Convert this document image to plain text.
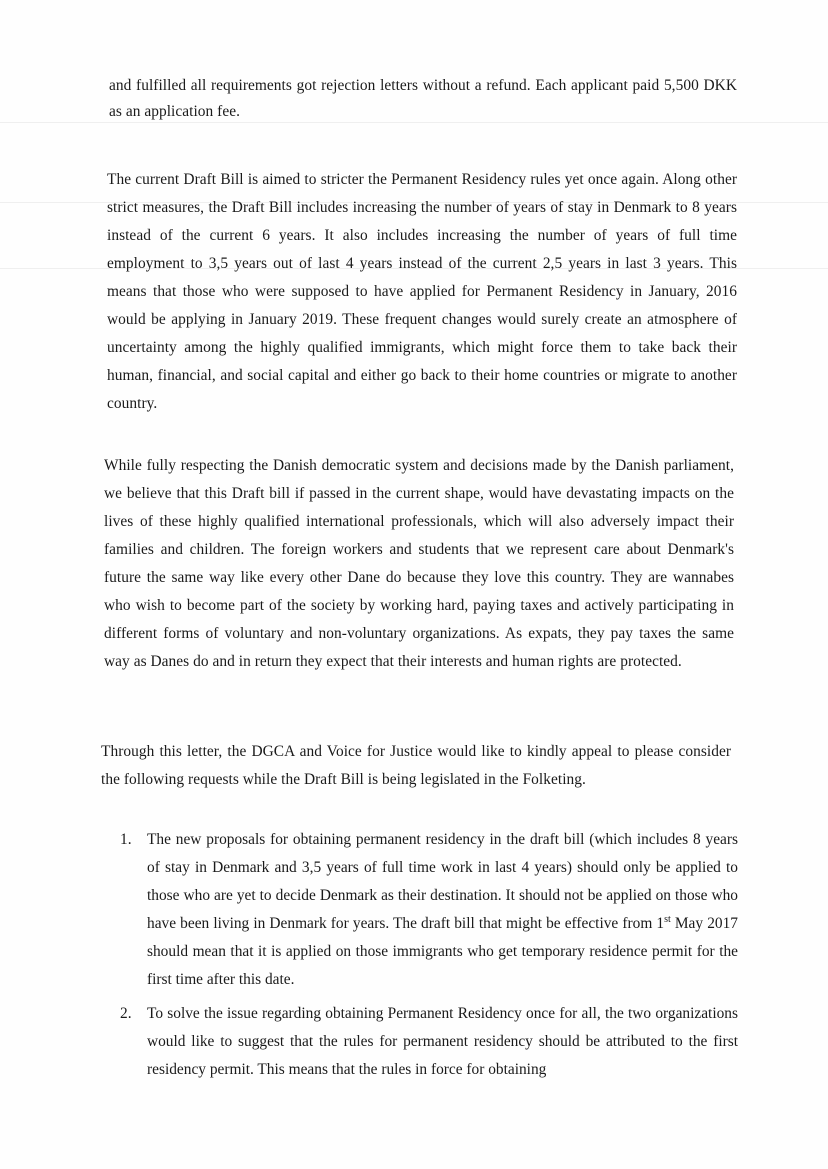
and fulfilled all requirements got rejection letters without a refund. Each applicant paid 5,500 DKK as an application fee.

The current Draft Bill is aimed to stricter the Permanent Residency rules yet once again. Along other strict measures, the Draft Bill includes increasing the number of years of stay in Denmark to 8 years instead of the current 6 years. It also includes increasing the number of years of full time employment to 3,5 years out of last 4 years instead of the current 2,5 years in last 3 years. This means that those who were supposed to have applied for Permanent Residency in January, 2016 would be applying in January 2019. These frequent changes would surely create an atmosphere of uncertainty among the highly qualified immigrants, which might force them to take back their human, financial, and social capital and either go back to their home countries or migrate to another country.

While fully respecting the Danish democratic system and decisions made by the Danish parliament, we believe that this Draft bill if passed in the current shape, would have devastating impacts on the lives of these highly qualified international professionals, which will also adversely impact their families and children. The foreign workers and students that we represent care about Denmark's future the same way like every other Dane do because they love this country. They are wannabes who wish to become part of the society by working hard, paying taxes and actively participating in different forms of voluntary and non-voluntary organizations. As expats, they pay taxes the same way as Danes do and in return they expect that their interests and human rights are protected.

Through this letter, the DGCA and Voice for Justice would like to kindly appeal to please consider the following requests while the Draft Bill is being legislated in the Folketing.

1. The new proposals for obtaining permanent residency in the draft bill (which includes 8 years of stay in Denmark and 3,5 years of full time work in last 4 years) should only be applied to those who are yet to decide Denmark as their destination. It should not be applied on those who have been living in Denmark for years. The draft bill that might be effective from 1st May 2017 should mean that it is applied on those immigrants who get temporary residence permit for the first time after this date.
2. To solve the issue regarding obtaining Permanent Residency once for all, the two organizations would like to suggest that the rules for permanent residency should be attributed to the first residency permit. This means that the rules in force for obtaining
